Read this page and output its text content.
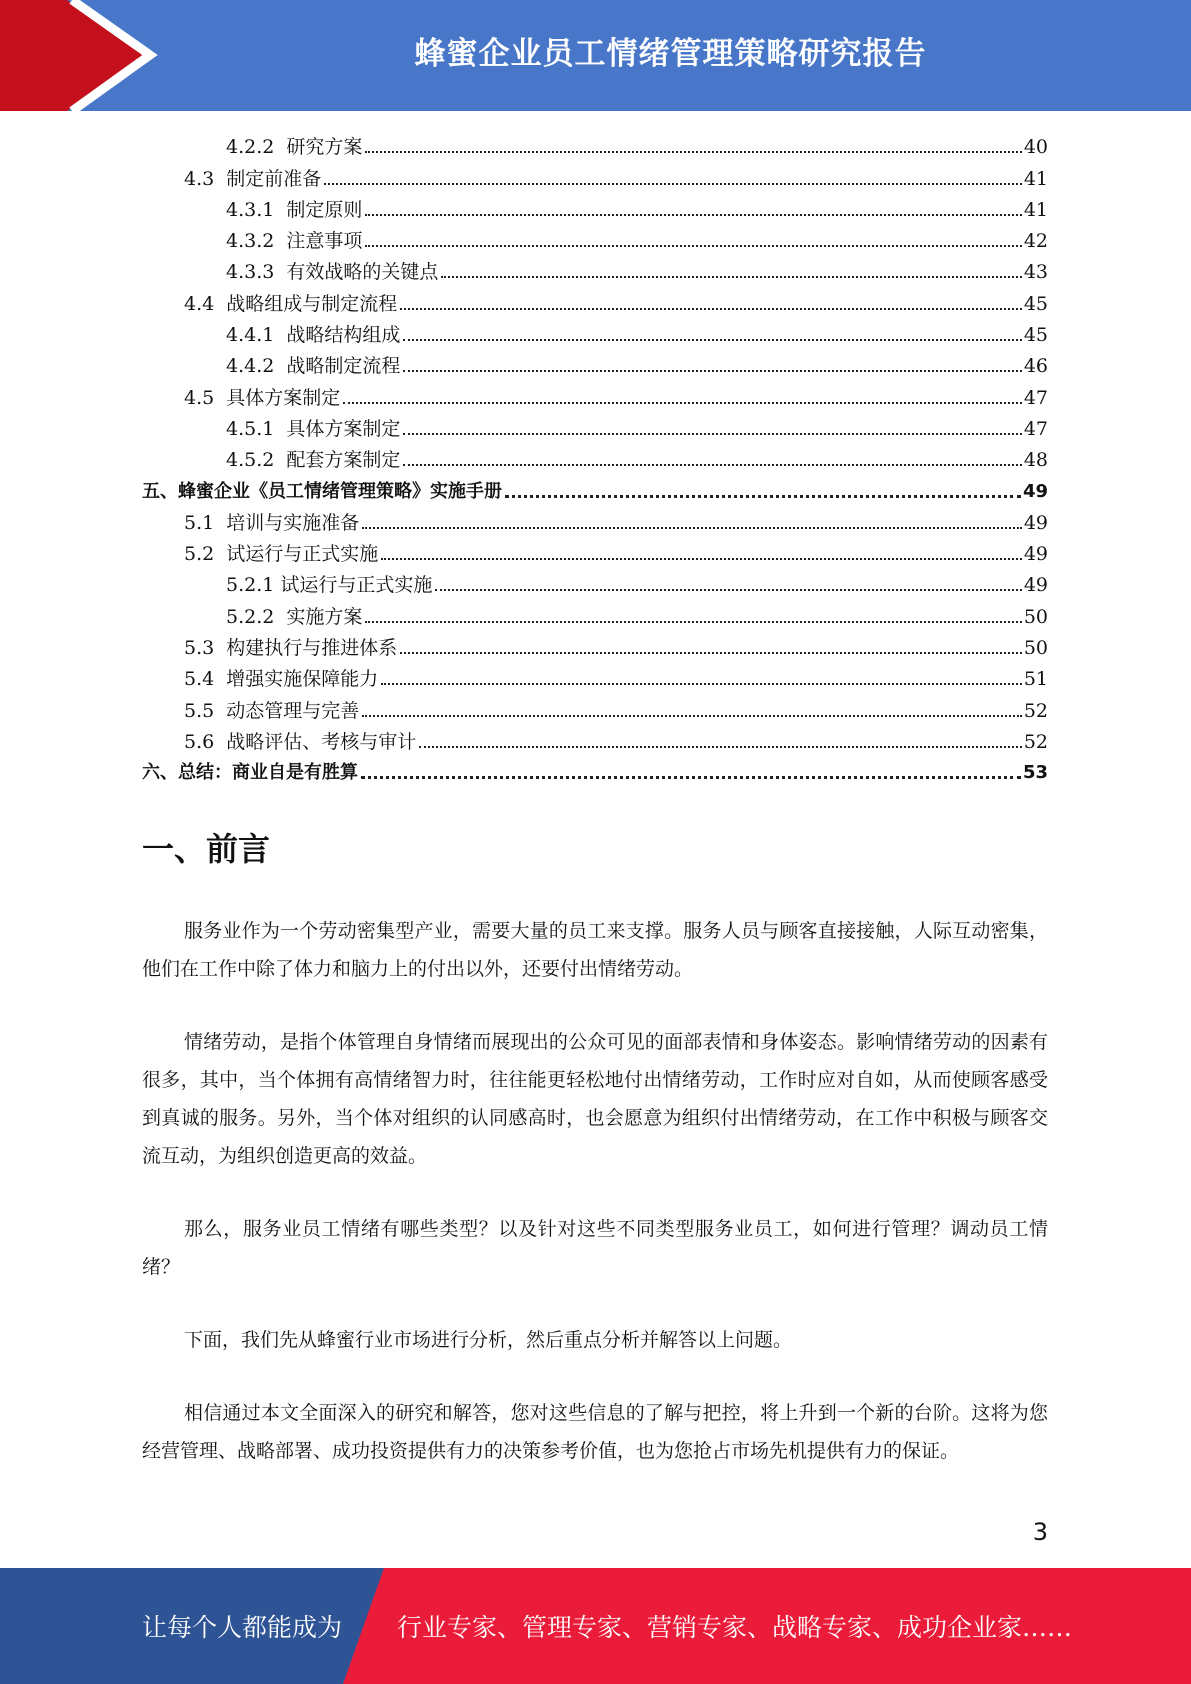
蜂蜜企业员工情绪管理策略研究报告
4.2.2  研究方案	40
4.3  制定前准备	41
4.3.1  制定原则	41
4.3.2  注意事项	42
4.3.3  有效战略的关键点	43
4.4  战略组成与制定流程	45
4.4.1  战略结构组成	45
4.4.2  战略制定流程	46
4.5  具体方案制定	47
4.5.1  具体方案制定	47
4.5.2  配套方案制定	48
五、蜂蜜企业《员工情绪管理策略》实施手册	49
5.1  培训与实施准备	49
5.2  试运行与正式实施	49
5.2.1 试运行与正式实施	49
5.2.2  实施方案	50
5.3  构建执行与推进体系	50
5.4  增强实施保障能力	51
5.5  动态管理与完善	52
5.6  战略评估、考核与审计	52
六、总结：商业自是有胜算	53
一、前言

服务业作为一个劳动密集型产业，需要大量的员工来支撑。服务人员与顾客直接接触，人际互动密集，他们在工作中除了体力和脑力上的付出以外，还要付出情绪劳动。

情绪劳动，是指个体管理自身情绪而展现出的公众可见的面部表情和身体姿态。影响情绪劳动的因素有很多，其中，当个体拥有高情绪智力时，往往能更轻松地付出情绪劳动，工作时应对自如，从而使顾客感受到真诚的服务。另外，当个体对组织的认同感高时，也会愿意为组织付出情绪劳动，在工作中积极与顾客交流互动，为组织创造更高的效益。

那么，服务业员工情绪有哪些类型？以及针对这些不同类型服务业员工，如何进行管理？调动员工情绪？

下面，我们先从蜂蜜行业市场进行分析，然后重点分析并解答以上问题。

相信通过本文全面深入的研究和解答，您对这些信息的了解与把控，将上升到一个新的台阶。这将为您经营管理、战略部署、成功投资提供有力的决策参考价值，也为您抢占市场先机提供有力的保证。

3
让每个人都能成为 行业专家、管理专家、营销专家、战略专家、成功企业家……
